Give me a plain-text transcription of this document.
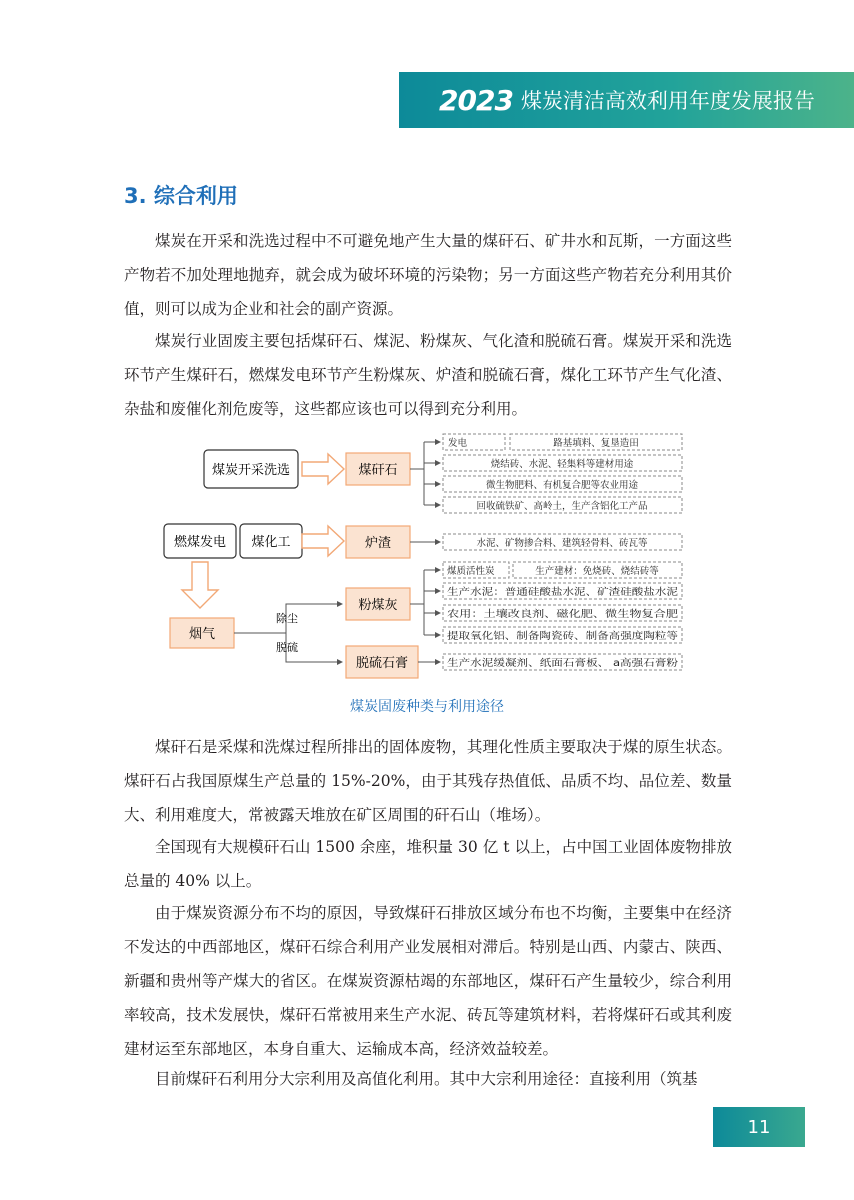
2023 煤炭清洁高效利用年度发展报告
3. 综合利用

煤炭在开采和洗选过程中不可避免地产生大量的煤矸石、矿井水和瓦斯，一方面这些产物若不加处理地抛弃，就会成为破坏环境的污染物；另一方面这些产物若充分利用其价值，则可以成为企业和社会的副产资源。

煤炭行业固废主要包括煤矸石、煤泥、粉煤灰、气化渣和脱硫石膏。煤炭开采和洗选环节产生煤矸石，燃煤发电环节产生粉煤灰、炉渣和脱硫石膏，煤化工环节产生气化渣、杂盐和废催化剂危废等，这些都应该也可以得到充分利用。

煤炭开采洗选
燃煤发电 煤化工
烟气
除尘
脱硫
煤矸石
炉渣
粉煤灰
脱硫石膏
发电	路基填料、复垦造田
烧结砖、水泥、轻集料等建材用途
微生物肥料、有机复合肥等农业用途
回收硫铁矿、高岭土，生产含铝化工产品
水泥、矿物掺合料、建筑轻骨料、砖瓦等
煤质活性炭	生产建材：免烧砖、烧结砖等
生产水泥：普通硅酸盐水泥、矿渣硅酸盐水泥
农用：土壤改良剂、磁化肥、微生物复合肥
提取氧化铝、制备陶瓷砖、制备高强度陶粒等
生产水泥缓凝剂、纸面石膏板、 a高强石膏粉

煤炭固废种类与利用途径

煤矸石是采煤和洗煤过程所排出的固体废物，其理化性质主要取决于煤的原生状态。煤矸石占我国原煤生产总量的 15%-20%，由于其残存热值低、品质不均、品位差、数量大、利用难度大，常被露天堆放在矿区周围的矸石山（堆场）。

全国现有大规模矸石山 1500 余座，堆积量 30 亿 t 以上，占中国工业固体废物排放总量的 40% 以上。

由于煤炭资源分布不均的原因，导致煤矸石排放区域分布也不均衡，主要集中在经济不发达的中西部地区，煤矸石综合利用产业发展相对滞后。特别是山西、内蒙古、陕西、新疆和贵州等产煤大的省区。在煤炭资源枯竭的东部地区，煤矸石产生量较少，综合利用率较高，技术发展快，煤矸石常被用来生产水泥、砖瓦等建筑材料，若将煤矸石或其利废建材运至东部地区，本身自重大、运输成本高，经济效益较差。

目前煤矸石利用分大宗利用及高值化利用。其中大宗利用途径：直接利用（筑基

11
